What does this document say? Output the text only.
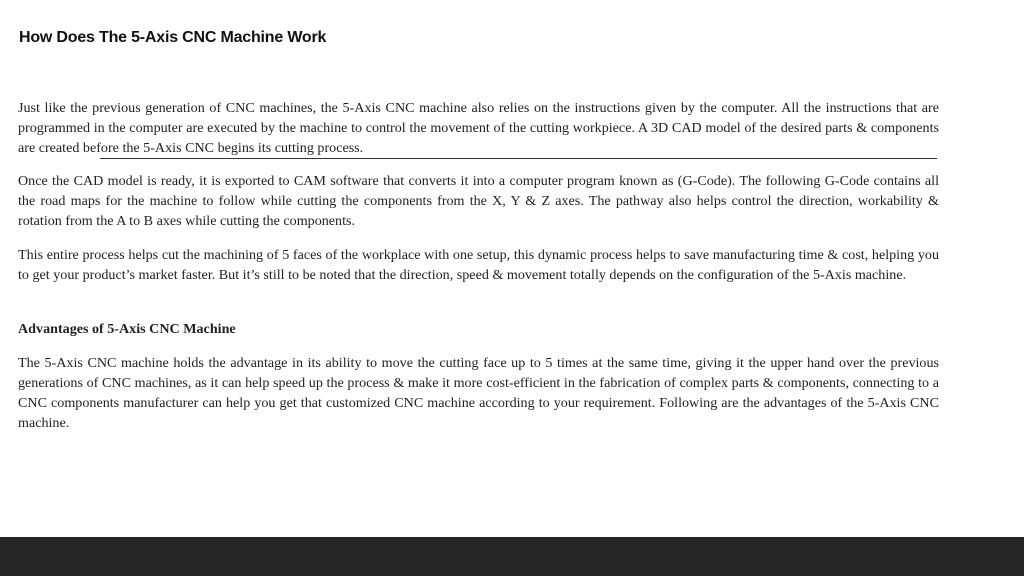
How Does The 5-Axis CNC Machine Work

Just like the previous generation of CNC machines, the 5-Axis CNC machine also relies on the instructions given by the computer. All the instructions that are programmed in the computer are executed by the machine to control the movement of the cutting workpiece. A 3D CAD model of the desired parts & components are created before the 5-Axis CNC begins its cutting process.

Once the CAD model is ready, it is exported to CAM software that converts it into a computer program known as (G-Code). The following G-Code contains all the road maps for the machine to follow while cutting the components from the X, Y & Z axes. The pathway also helps control the direction, workability & rotation from the A to B axes while cutting the components.

This entire process helps cut the machining of 5 faces of the workplace with one setup, this dynamic process helps to save manufacturing time & cost, helping you to get your product’s market faster. But it’s still to be noted that the direction, speed & movement totally depends on the configuration of the 5-Axis machine.

Advantages of 5-Axis CNC Machine

The 5-Axis CNC machine holds the advantage in its ability to move the cutting face up to 5 times at the same time, giving it the upper hand over the previous generations of CNC machines, as it can help speed up the process & make it more cost-efficient in the fabrication of complex parts & components, connecting to a CNC components manufacturer can help you get that customized CNC machine according to your requirement. Following are the advantages of the 5-Axis CNC machine.
